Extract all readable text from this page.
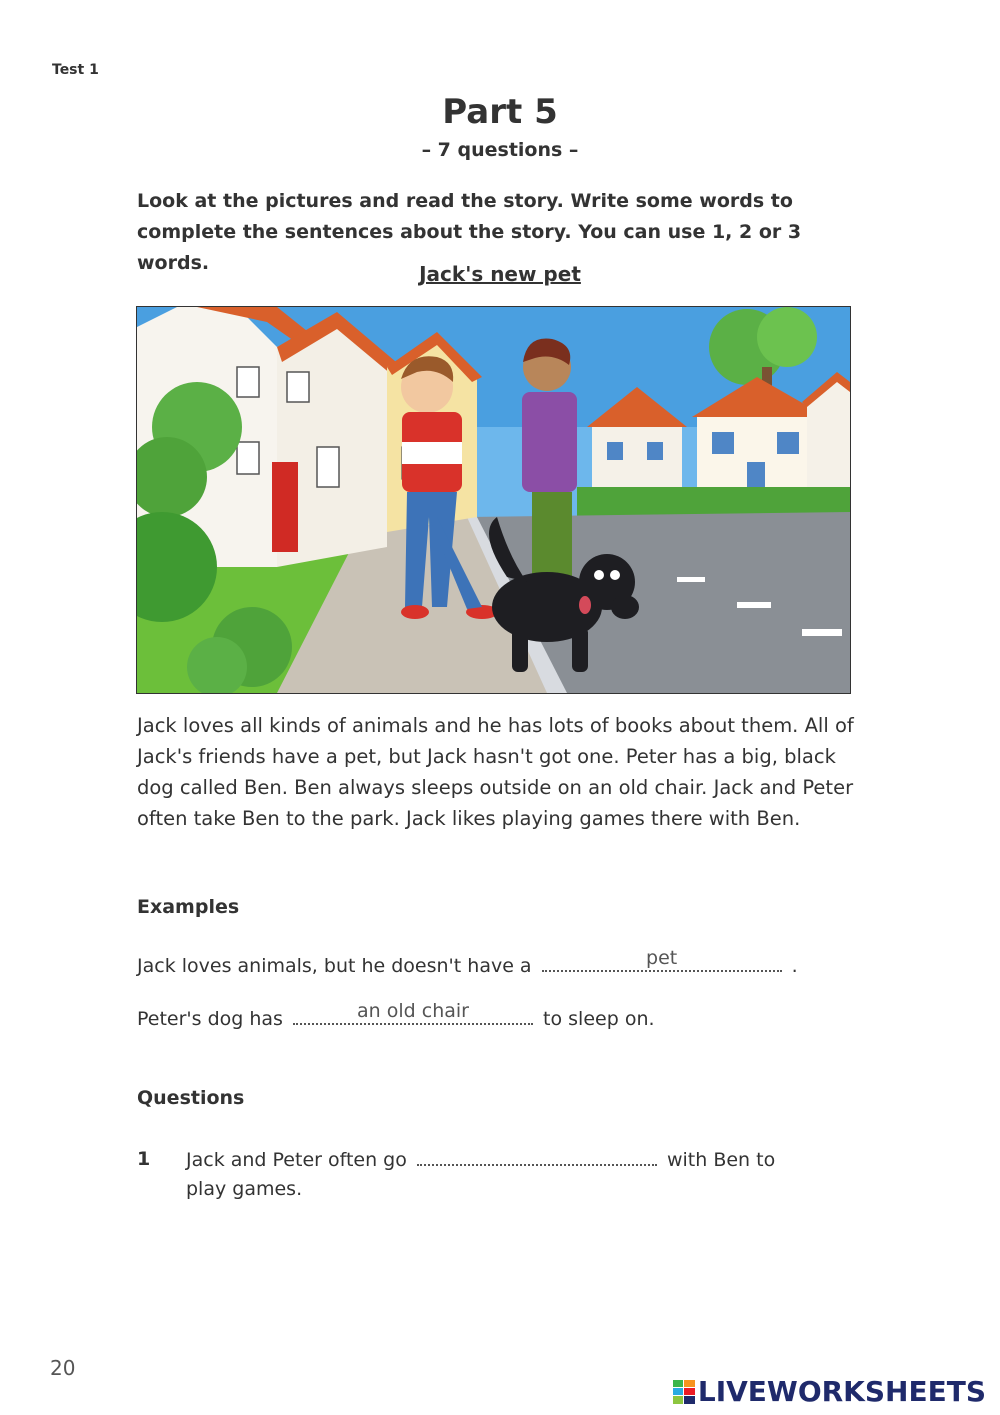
Test 1
Part 5
– 7 questions –
Look at the pictures and read the story. Write some words to
complete the sentences about the story. You can use 1, 2 or 3 words.	Jack's new pet
Jack loves all kinds of animals and he has lots of books about them. All of
Jack's friends have a pet, but Jack hasn't got one. Peter has a big, black
dog called Ben. Ben always sleeps outside on an old chair. Jack and Peter
often take Ben to the park. Jack likes playing games there with Ben.
Examples
Jack loves animals, but he doesn't have a	pet	.
Peter's dog has	an old chair	to sleep on.
Questions
1 Jack and Peter often go	with Ben to
play games.
20
LIVEWORKSHEETS
